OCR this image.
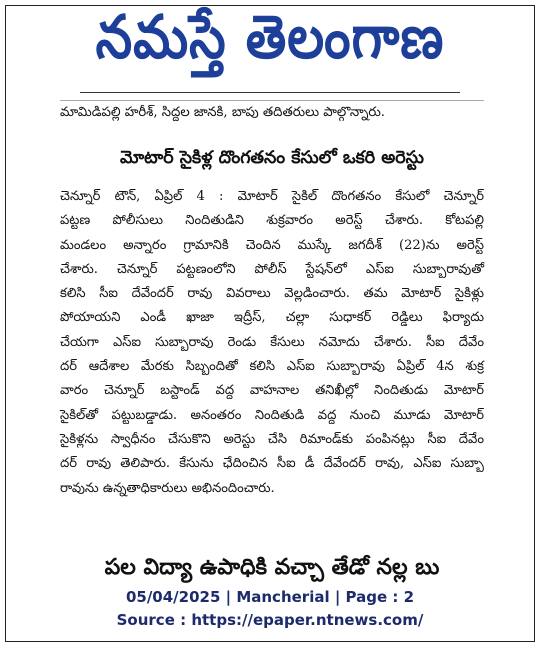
నమస్తే తెలంగాణ
మామిడిపల్లి హరీశ్, సిద్దల జానకి, బాపు తదితరులు పాల్గొన్నారు.
మోటార్ సైకిళ్ల దొంగతనం కేసులో ఒకరి అరెస్టు
చెన్నూర్ టౌన్, ఏప్రిల్ 4 : మోటార్ సైకిల్ దొంగతనం కేసులో చెన్నూర్
పట్టణ పోలీసులు నిందితుడిని శుక్రవారం అరెస్ట్ చేశారు. కోటపల్లి
మండలం అన్నారం గ్రామానికి చెందిన ముస్కే జగదీశ్ (22)ను అరెస్ట్
చేశారు. చెన్నూర్ పట్టణంలోని పోలీస్ స్టేషన్‌లో ఎస్ఐ సుబ్బారావుతో
కలిసి సీఐ దేవేందర్ రావు వివరాలు వెల్లడించారు. తమ మోటార్ సైకిళ్లు
పోయాయని ఎండీ ఖాజా ఇద్రీస్, చల్లా సుధాకర్ రెడ్డిలు ఫిర్యాదు
చేయగా ఎస్ఐ సుబ్బారావు రెండు కేసులు నమోదు చేశారు. సీఐ దేవేం
దర్ ఆదేశాల మేరకు సిబ్బందితో కలిసి ఎస్ఐ సుబ్బారావు ఏప్రిల్ 4న శుక్ర
వారం చెన్నూర్ బస్టాండ్ వద్ద వాహనాల తనిఖీల్లో నిందితుడు మోటార్
సైకిల్‌తో పట్టుబడ్డాడు. అనంతరం నిందితుడి వద్ద నుంచి మూడు మోటార్
సైకిళ్లను స్వాధీనం చేసుకొని అరెస్టు చేసి రిమాండ్‌కు పంపినట్లు సీఐ దేవేం
దర్ రావు తెలిపారు. కేసును ఛేదించిన సీఐ డీ దేవేందర్ రావు, ఎస్ఐ సుబ్బా
రావును ఉన్నతాధికారులు అభినందించారు.
పల విద్యా ఉపాధికి వచ్చా తేడో నల్ల బు
05/04/2025 | Mancherial | Page : 2
Source : https://epaper.ntnews.com/
